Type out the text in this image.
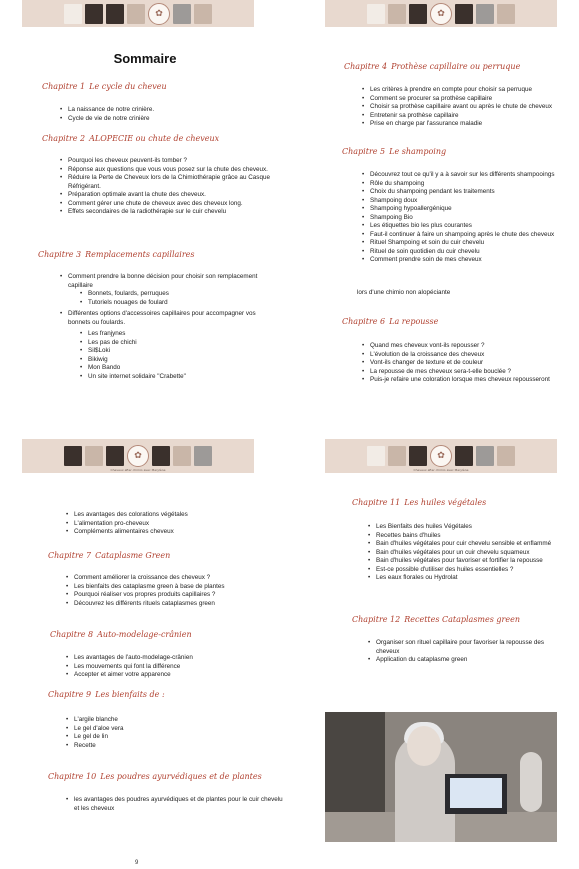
✿
Sommaire
Chapitre 1 Le cycle du cheveu
• La naissance de notre crinière.
• Cycle de vie de notre crinière
Chapitre 2 ALOPECIE ou chute de cheveux
• Pourquoi les cheveux peuvent-ils tomber ?
• Réponse aux questions que vous vous posez sur la chute des cheveux.
• Réduire la Perte de Cheveux lors de la Chimiothérapie grâce au Casque Réfrigérant.
• Préparation optimale avant la chute des cheveux.
• Comment gérer une chute de cheveux avec des cheveux long.
• Effets secondaires de la radiothérapie sur le cuir chevelu
Chapitre 3 Remplacements capillaires
• Comment prendre la bonne décision pour choisir son remplacement capillaire
• Bonnets, foulards, perruques
• Tutoriels nouages de foulard
• Différentes options d'accessoires capillaires pour accompagner vos bonnets ou foulards.
• Les franjynes
• Les pas de chichi
• Sil$Loki
• Bikiwig
• Mon Bando
• Un site internet solidaire "Crabette"
✿
Chapitre 4 Prothèse capillaire ou perruque
• Les critères à prendre en compte pour choisir sa perruque
• Comment se procurer sa prothèse capillaire
• Choisir sa prothèse capillaire avant ou après le chute de cheveux
• Entretenir sa prothèse capillaire
• Prise en charge par l'assurance maladie
Chapitre 5 Le shampoing
• Découvrez tout ce qu'il y a à savoir sur les différents shampooings
• Rôle du shampoing
• Choix du shampoing pendant les traitements
• Shampoing doux
• Shampoing hypoallergénique
• Shampoing Bio
• Les étiquettes bio les plus courantes
• Faut-il continuer à faire un shampoing après le chute des cheveux
• Rituel Shampoing et soin du cuir chevelu
• Rituel de soin quotidien du cuir chevelu
• Comment prendre soin de mes cheveux
lors d'une chimio non alopéciante
Chapitre 6 La repousse
• Quand mes cheveux vont-ils repousser ?
• L'évolution de la croissance des cheveux
• Vont-ils changer de texture et de couleur
• La repousse de mes cheveux sera-t-elle bouclée ?
• Puis-je refaire une coloration lorsque mes cheveux repousseront
✿
Cheveux after chimio avec Marylène
• Les avantages des colorations végétales
• L'alimentation pro-cheveux
• Compléments alimentaires cheveux
Chapitre 7 Cataplasme Green
• Comment améliorer la croissance des cheveux ?
• Les bienfaits des cataplasme green à base de plantes
• Pourquoi réaliser vos propres produits capillaires ?
• Découvrez les différents rituels cataplasmes green
Chapitre 8 Auto-modelage-crânien
• Les avantages de l'auto-modelage-crânien
• Les mouvements qui font la différence
• Accepter et aimer votre apparence
Chapitre 9 Les bienfaits de :
• L'argile blanche
• Le gel d'aloe vera
• Le gel de lin
• Recette
Chapitre 10 Les poudres ayurvédiques et de plantes
• les avantages des poudres ayurvédiques et de plantes pour le cuir chevelu et les cheveux
✿
Cheveux after chimio avec Marylène
Chapitre 11 Les huiles végétales
• Les Bienfaits des huiles Végétales
• Recettes bains d'huiles
• Bain d'huiles végétales pour cuir chevelu sensible et enflammé
• Bain d'huiles végétales pour un cuir chevelu squameux
• Bain d'huiles végétales pour favoriser et fortifier la repousse
• Est-ce possible d'utiliser des huiles essentielles ?
• Les eaux florales ou Hydrolat
Chapitre 12 Recettes Cataplasmes green
• Organiser son rituel capillaire pour favoriser la repousse des cheveux
• Application du cataplasme green
9
